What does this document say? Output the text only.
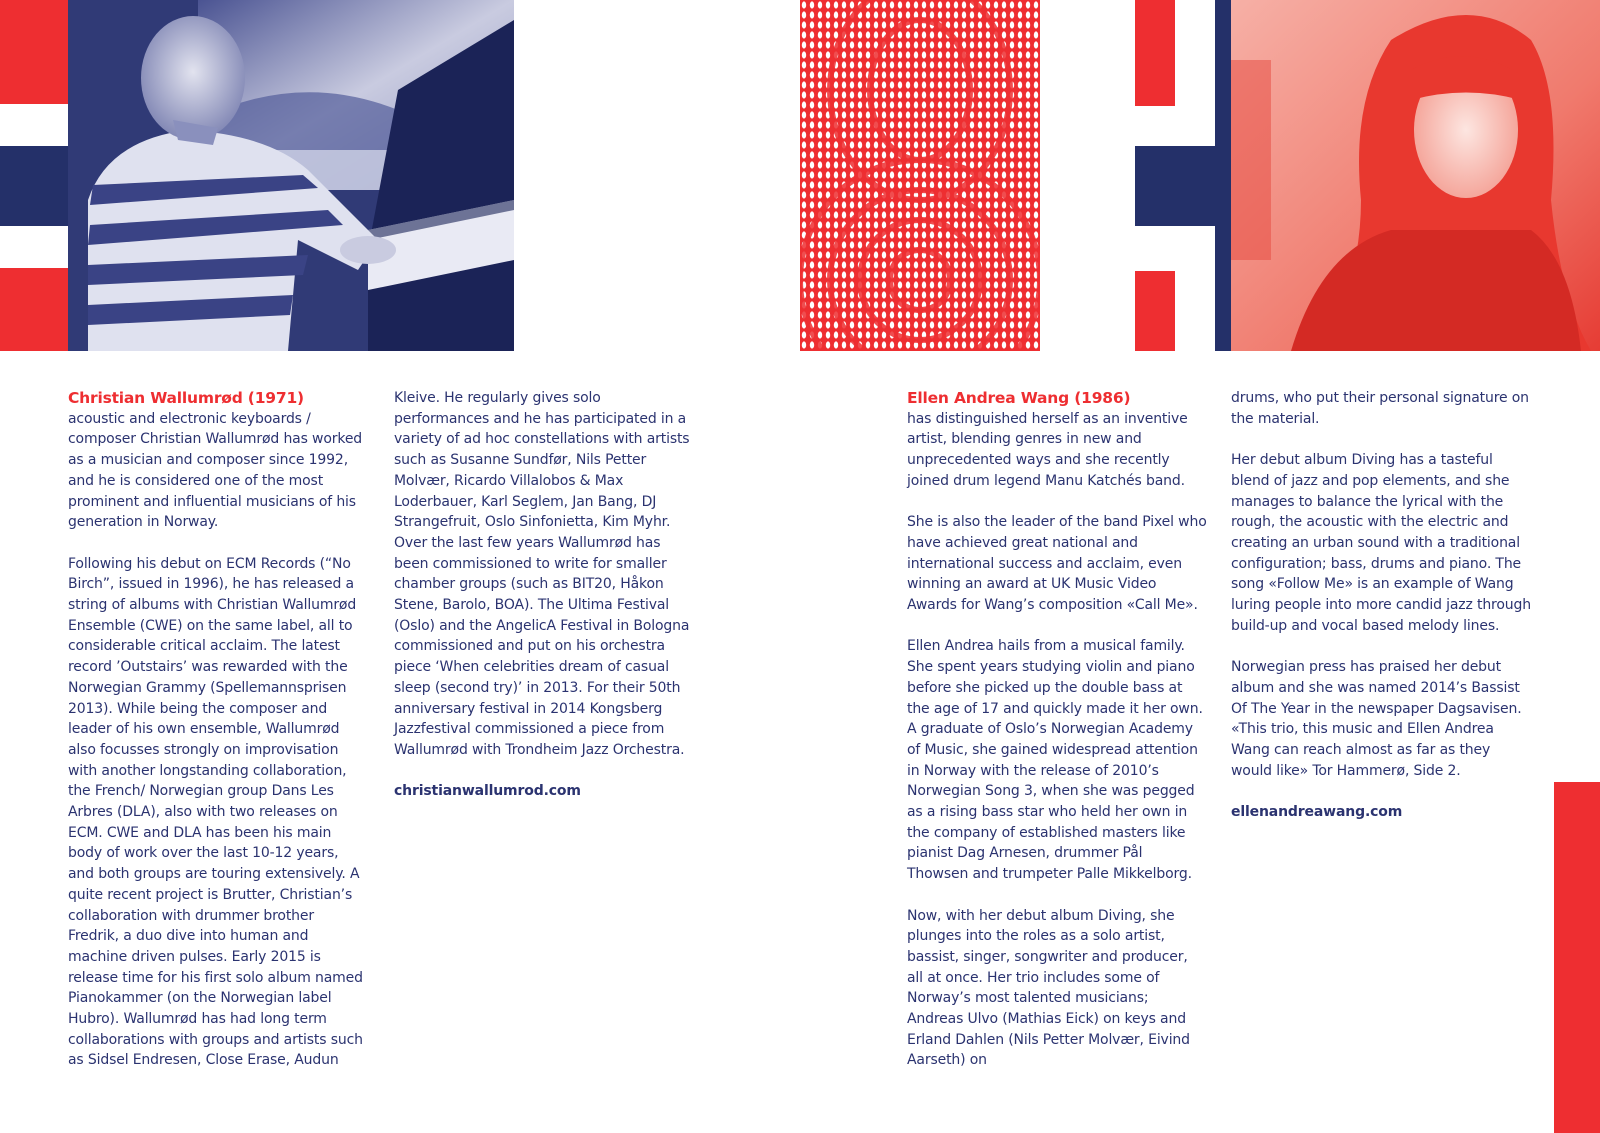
Christian Wallumrød (1971)

acoustic and electronic keyboards / composer Christian Wallumrød has worked as a musician and composer since 1992, and he is considered one of the most prominent and influential musicians of his generation in Norway.

Following his debut on ECM Records (“No Birch”, issued in 1996), he has released a string of albums with Christian Wallumrød Ensemble (CWE) on the same label, all to considerable critical acclaim. The latest record ’Outstairs’ was rewarded with the Norwegian Grammy (Spellemannsprisen 2013). While being the composer and leader of his own ensemble, Wallumrød also focusses strongly on improvisation with another longstanding collaboration, the French/ Norwegian group Dans Les Arbres (DLA), also with two releases on ECM. CWE and DLA has been his main body of work over the last 10-12 years, and both groups are touring extensively. A quite recent project is Brutter, Christian’s collaboration with drummer brother Fredrik, a duo dive into human and machine driven pulses. Early 2015 is release time for his first solo album named Pianokammer (on the Norwegian label Hubro). Wallumrød has had long term collaborations with groups and artists such as Sidsel Endresen, Close Erase, Audun

Kleive. He regularly gives solo performances and he has participated in a variety of ad hoc constellations with artists such as Susanne Sundfør, Nils Petter Molvær, Ricardo Villalobos & Max Loderbauer, Karl Seglem, Jan Bang, DJ Strangefruit, Oslo Sinfonietta, Kim Myhr. Over the last few years Wallumrød has been commissioned to write for smaller chamber groups (such as BIT20, Håkon Stene, Barolo, BOA). The Ultima Festival (Oslo) and the AngelicA Festival in Bologna commissioned and put on his orchestra piece ‘When celebrities dream of casual sleep (second try)’ in 2013. For their 50th anniversary festival in 2014 Kongsberg Jazzfestival commissioned a piece from Wallumrød with Trondheim Jazz Orchestra.

christianwallumrod.com

Ellen Andrea Wang (1986)

has distinguished herself as an inventive artist, blending genres in new and unprecedented ways and she recently joined drum legend Manu Katchés band.

She is also the leader of the band Pixel who have achieved great national and international success and acclaim, even winning an award at UK Music Video Awards for Wang’s composition «Call Me».

Ellen Andrea hails from a musical family. She spent years studying violin and piano before she picked up the double bass at the age of 17 and quickly made it her own. A graduate of Oslo’s Norwegian Academy of Music, she gained widespread attention in Norway with the release of 2010’s Norwegian Song 3, when she was pegged as a rising bass star who held her own in the company of established masters like pianist Dag Arnesen, drummer Pål Thowsen and trumpeter Palle Mikkelborg.

Now, with her debut album Diving, she plunges into the roles as a solo artist, bassist, singer, songwriter and producer, all at once. Her trio includes some of Norway’s most talented musicians; Andreas Ulvo (Mathias Eick) on keys and Erland Dahlen (Nils Petter Molvær, Eivind Aarseth) on

drums, who put their personal signature on the material.

Her debut album Diving has a tasteful blend of jazz and pop elements, and she manages to balance the lyrical with the rough, the acoustic with the electric and creating an urban sound with a traditional configuration; bass, drums and piano. The song «Follow Me» is an example of Wang luring people into more candid jazz through build-up and vocal based melody lines.

Norwegian press has praised her debut album and she was named 2014’s Bassist Of The Year in the newspaper Dagsavisen. «This trio, this music and Ellen Andrea Wang can reach almost as far as they would like» Tor Hammerø, Side 2.

ellenandreawang.com
